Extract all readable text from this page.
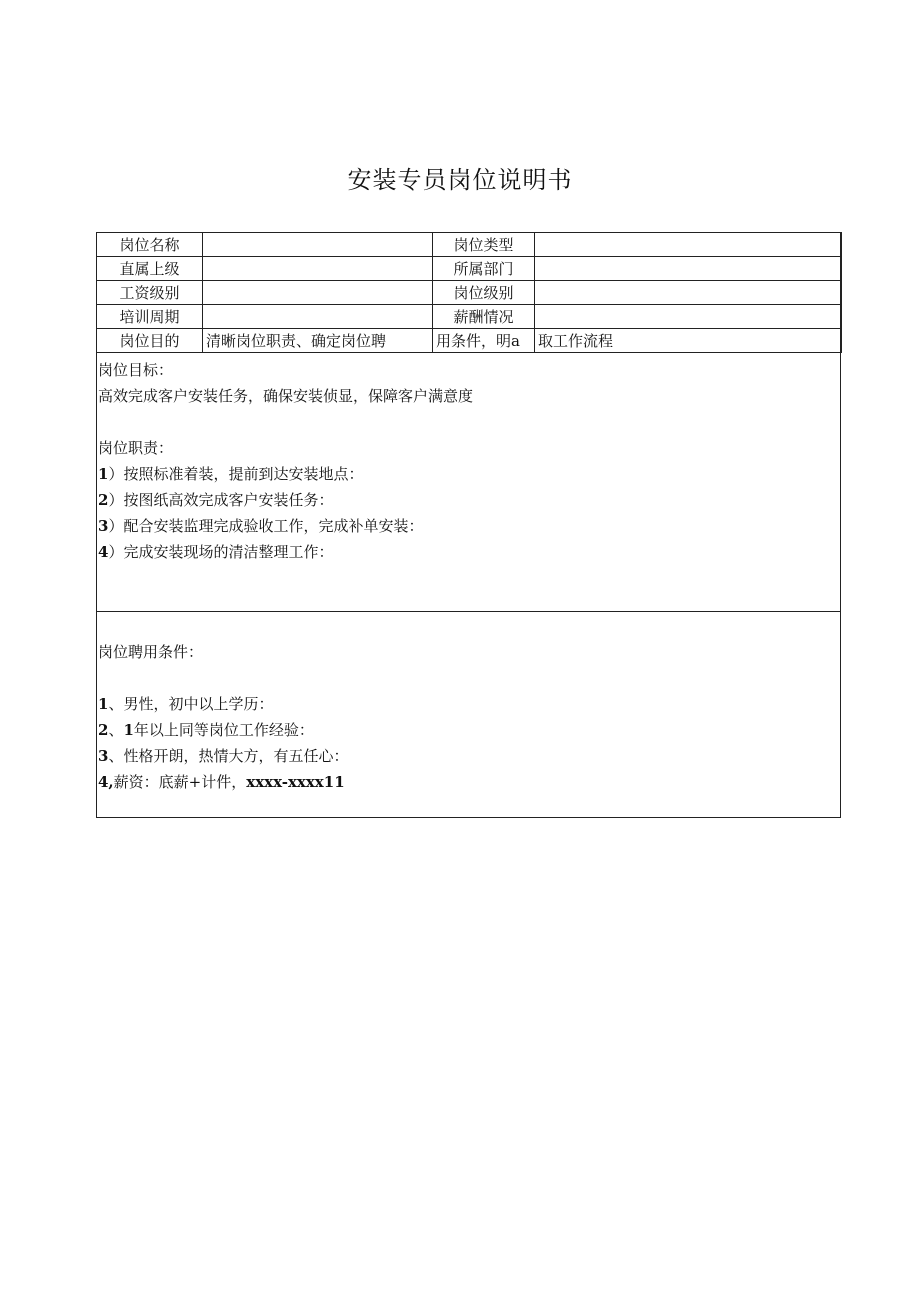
安装专员岗位说明书
岗位名称		岗位类型	
直属上级		所属部门	
工资级别		岗位级别	
培训周期		薪酬情况	
岗位目的	清晰岗位职责、确定岗位聘	用条件，明a	取工作流程

岗位目标：

高效完成客户安装任务，确保安装侦显，保障客户满意度

岗位职责：

1）按照标准着装，提前到达安装地点：

2）按图纸高效完成客户安装任务：

3）配合安装监理完成验收工作，完成补单安装：

4）完成安装现场的清洁整理工作：

岗位聘用条件：

1、男性，初中以上学历：

2、1年以上同等岗位工作经验：

3、性格开朗，热情大方，有五任心：

4,薪资：底薪+计件，xxxx-xxxx11
